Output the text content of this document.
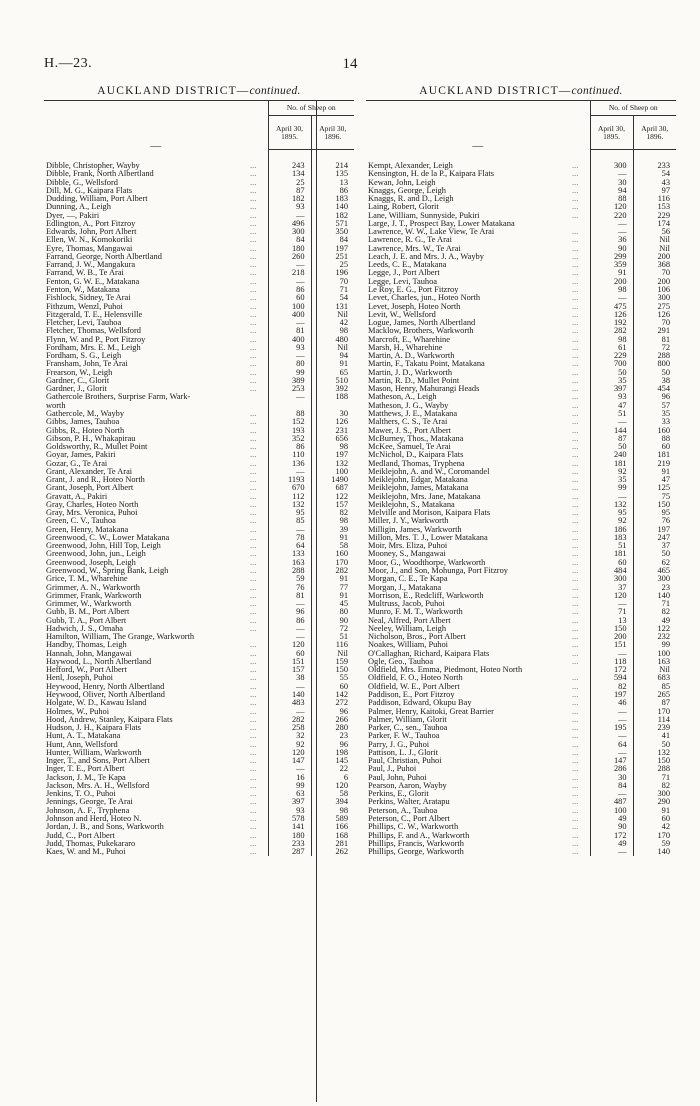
H.—23.	14
AUCKLAND DISTRICT—continued.
—		No. of Sheep on	
		April 30, 1895.	April 30, 1896.
Dibble, Christopher, Wayby	...	243	214
Dibble, Frank, North Albertland	...	134	135
Dibble, G., Wellsford	...	25	13
Dill, M. G., Kaipara Flats	...	87	86
Dudding, William, Port Albert	...	182	183
Dunning, A., Leigh	...	93	140
Dyer, —, Pakiri	...	—	182
Edlington, A., Port Fitzroy	...	496	571
Edwards, John, Port Albert	...	300	350
Ellen, W. N., Komokoriki	...	84	84
Eyre, Thomas, Mangawai	...	180	197
Farrand, George, North Albertland	...	260	251
Farrand, J. W., Mangakura	...	—	25
Farrand, W. B., Te Arai	...	218	196
Fenton, G. W. E., Matakana	...	—	70
Fenton, W., Matakana	...	86	71
Fishlock, Sidney, Te Arai	...	60	54
Fithzum, Wenzl, Puhoi	...	100	131
Fitzgerald, T. E., Helensville	...	400	Nil
Fletcher, Levi, Tauhoa	...	—	42
Fletcher, Thomas, Wellsford	...	81	98
Flynn, W. and P., Port Fitzroy	...	400	480
Fordham, Mrs. E. M., Leigh	...	93	Nil
Fordham, S. G., Leigh	...	—	94
Fransham, John, Te Arai	...	80	91
Frearson, W., Leigh	...	99	65
Gardner, C., Glorit	...	389	510
Gardner, J., Glorit	...	253	392
Gathercole Brothers, Surprise Farm, Wark-		—	188
worth			
Gathercole, M., Wayby	...	88	30
Gibbs, James, Tauhoa	...	152	126
Gibbs, R., Hoteo North	...	193	231
Gibson, P. H., Whakapirau	...	352	656
Goldsworthy, R., Mullet Point	...	86	98
Goyar, James, Pakiri	...	110	197
Gozar, G., Te Arai	...	136	132
Grant, Alexander, Te Arai	...	—	100
Grant, J. and R., Hoteo North	...	1193	1490
Grant, Joseph, Port Albert	...	670	687
Gravatt, A., Pakiri	...	112	122
Gray, Charles, Hoteo North	...	132	157
Gray, Mrs. Veronica, Puhoi	...	95	82
Green, C. V., Tauhoa	...	85	98
Green, Henry, Matakana	...	—	39
Greenwood, C. W., Lower Matakana	...	78	91
Greenwood, John, Hill Top, Leigh	...	64	58
Greenwood, John, jun., Leigh	...	133	160
Greenwood, Joseph, Leigh	...	163	170
Greenwood, W., Spring Bank, Leigh	...	288	282
Grice, T. M., Wharehine	...	59	91
Grimmer, A. N., Warkworth	...	76	77
Grimmer, Frank, Warkworth	...	81	91
Grimmer, W., Warkworth	...	—	45
Gubb, B. M., Port Albert	...	96	80
Gubb, T. A., Port Albert	...	86	90
Hadwich, J. S., Omaha	...	—	72
Hamilton, William, The Grange, Warkworth		—	51
Handby, Thomas, Leigh	...	120	116
Hannah, John, Mangawai	...	60	Nil
Haywood, L., North Albertland	...	151	159
Hefford, W., Port Albert	...	157	150
Henl, Joseph, Puhoi	...	38	55
Heywood, Henry, North Albertland	...	—	60
Heywood, Oliver, North Albertland	...	140	142
Holgate, W. D., Kawau Island	...	483	272
Holmes, W., Puhoi	...	—	96
Hood, Andrew, Stanley, Kaipara Flats	...	282	266
Hudson, J. H., Kaipara Flats	...	258	280
Hunt, A. T., Matakana	...	32	23
Hunt, Ann, Wellsford	...	92	96
Hunter, William, Warkworth	...	120	198
Inger, T., and Sons, Port Albert	...	147	145
Inger, T. E., Port Albert	...	—	22
Jackson, J. M., Te Kapa	...	16	6
Jackson, Mrs. A. H., Wellsford	...	99	120
Jenkins, T. O., Puhoi	...	63	58
Jennings, George, Te Arai	...	397	394
Johnson, A. F., Tryphena	...	93	98
Johnson and Herd, Hoteo N.	...	578	589
Jordan, J. B., and Sons, Warkworth	...	141	166
Judd, C., Port Albert	...	180	168
Judd, Thomas, Pukekararo	...	233	281
Kaes, W. and M., Puhoi	...	287	262
AUCKLAND DISTRICT—continued.
—		No. of Sheep on	
		April 30, 1895.	April 30, 1896.
Kempt, Alexander, Leigh	...	300	233
Kensington, H. de la P., Kaipara Flats	...	—	54
Kewan, John, Leigh	...	30	43
Knaggs, George, Leigh	...	94	97
Knaggs, R. and D., Leigh	...	88	116
Laing, Robert, Glorit	...	120	153
Lane, William, Sunnyside, Pukiri	...	220	229
Large, J. T., Prospect Bay, Lower Matakana		—	174
Lawrence, W. W., Lake View, Te Arai	...	—	56
Lawrence, R. G., Te Arai	...	36	Nil
Lawrence, Mrs. W., Te Arai	...	90	Nil
Leach, J. E. and Mrs. J. A., Wayby	...	299	200
Leeds, C. E., Matakana	...	359	368
Legge, J., Port Albert	...	91	70
Legge, Levi, Tauhoa	...	200	200
Le Roy, E. G., Port Fitzroy	...	98	106
Levet, Charles, jun., Hoteo North	...	—	300
Levet, Joseph, Hoteo North	...	475	275
Levit, W., Wellsford	...	126	126
Logue, James, North Albertland	...	192	70
Macklow, Brothers, Warkworth	...	282	291
Marcroft, E., Wharehine	...	98	81
Marsh, H., Wharehine	...	61	72
Martin, A. D., Warkworth	...	229	288
Martin, F., Takatu Point, Matakana	...	700	800
Martin, J. D., Warkworth	...	50	50
Martin, R. D., Mullet Point	...	35	38
Mason, Henry, Mahurangi Heads	...	397	454
Matheson, A., Leigh	...	93	96
Matheson, J. G., Wayby	...	47	57
Matthews, J. E., Matakana	...	51	35
Malthers, C. S., Te Arai	...	—	33
Mawer, J. S., Port Albert	...	144	160
McBurney, Thos., Matakana	...	87	88
McKee, Samuel, Te Arai	...	50	60
McNichol, D., Kaipara Flats	...	240	181
Medland, Thomas, Tryphena	...	181	219
Meiklejohn, A. and W., Coromandel	...	92	91
Meiklejohn, Edgar, Matakana	...	35	47
Meiklejohn, James, Matakana	...	99	125
Meiklejohn, Mrs. Jane, Matakana	...	—	75
Meiklejohn, S., Matakana	...	132	150
Melville and Morison, Kaipara Flats	...	95	95
Miller, J. Y., Warkworth	...	92	76
Milligin, James, Warkworth	...	186	197
Millon, Mrs. T. J., Lower Matakana	...	183	247
Moir, Mrs. Eliza, Puhoi	...	51	37
Mooney, S., Mangawai	...	181	50
Moor, G., Woodthorpe, Warkworth	...	60	62
Moor, J., and Son, Mohunga, Port Fitzroy	...	484	465
Morgan, C. E., Te Kapa	...	300	300
Morgan, J., Matakana	...	37	23
Morrison, E., Redcliff, Warkworth	...	120	140
Multruss, Jacob, Puhoi	...	—	71
Munro, F. M. T., Warkworth	...	71	82
Neal, Alfred, Port Albert	...	13	49
Neeley, William, Leigh	...	150	122
Nicholson, Bros., Port Albert	...	200	232
Noakes, William, Puhoi	...	151	99
O'Callaghan, Richard, Kaipara Flats	...	—	100
Ogle, Geo., Tauhoa	...	118	163
Oldfield, Mrs. Emma, Piedmont, Hoteo North		172	Nil
Oldfield, F. O., Hoteo North	...	594	683
Oldfield, W. E., Port Albert	...	82	85
Paddison, E., Port Fitzroy	...	197	265
Paddison, Edward, Okupu Bay	...	46	87
Palmer, Henry, Kaitoki, Great Barrier	...	—	170
Palmer, William, Glorit	...	—	114
Parker, C., sen., Tauhoa	...	195	239
Parker, F. W., Tauhoa	...	—	41
Parry, J. G., Puhoi	...	64	50
Pattison, L. J., Glorit	...	—	132
Paul, Christian, Puhoi	...	147	150
Paul, J., Puhoi	...	286	288
Paul, John, Puhoi	...	30	71
Pearson, Aaron, Wayby	...	84	82
Perkins, E., Glorit	...	—	300
Perkins, Walter, Aratapu	...	487	290
Peterson, A., Tauhoa	...	100	91
Peterson, C., Port Albert	...	49	60
Phillips, C. W., Warkworth	...	90	42
Phillips, F. and A., Warkworth	...	172	170
Phillips, Francis, Warkworth	...	49	59
Phillips, George, Warkworth	...	—	140
